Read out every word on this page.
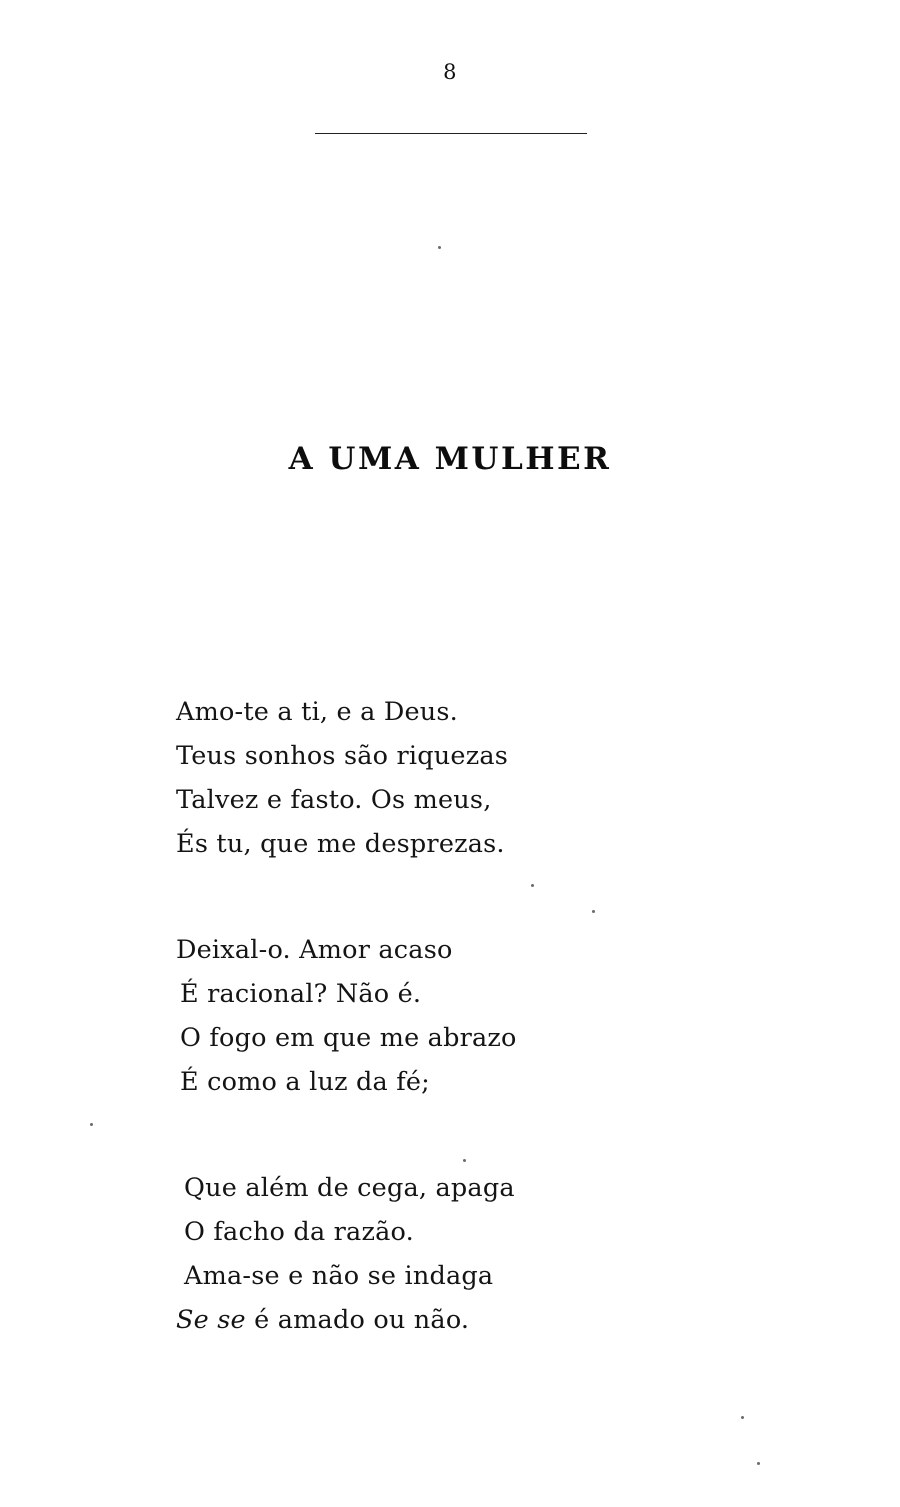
8
A UMA MULHER
Amo-te a ti, e a Deus.
Teus sonhos são riquezas
Talvez e fasto. Os meus,
És tu, que me desprezas.
Deixal-o. Amor acaso
É racional? Não é.
O fogo em que me abrazo
É como a luz da fé;
Que além de cega, apaga
O facho da razão.
Ama-se e não se indaga
Se se é amado ou não.
